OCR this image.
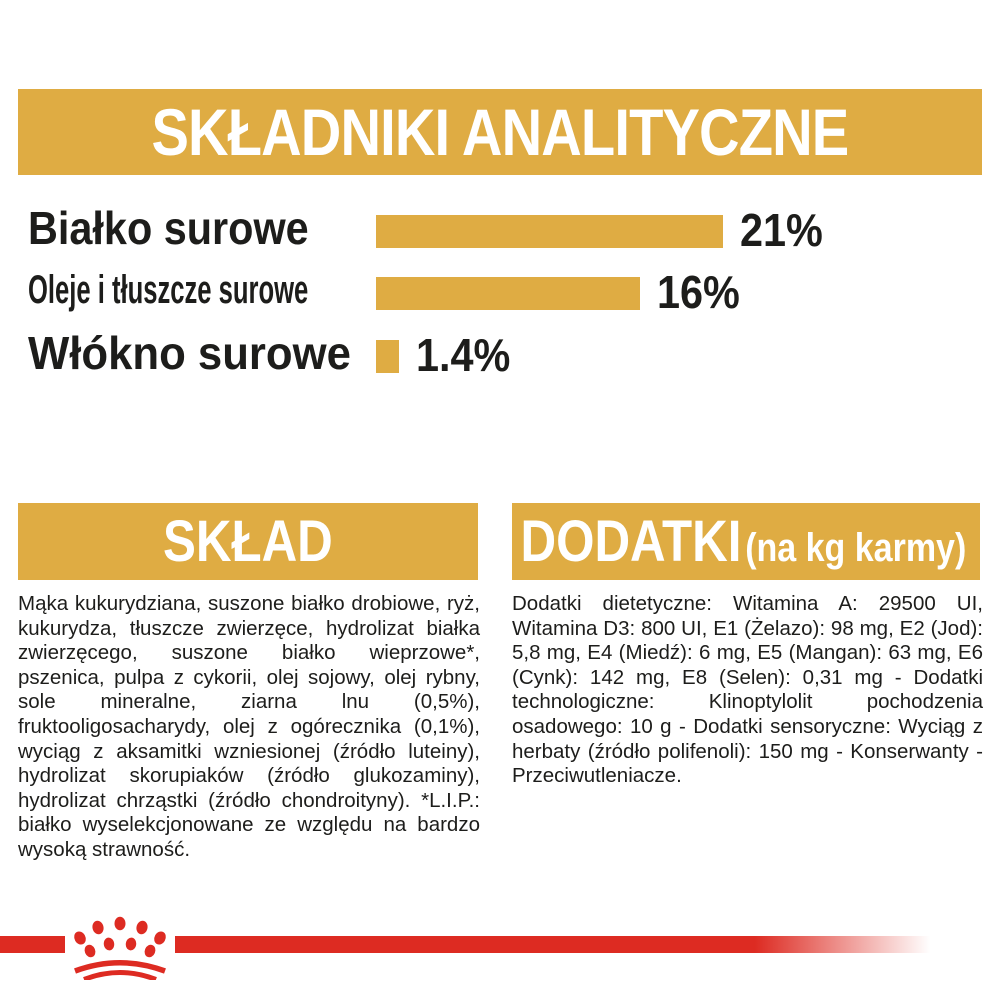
SKŁADNIKI ANALITYCZNE
Białko surowe	21%
Oleje i tłuszcze surowe	16%
Włókno surowe 1.4%
SKŁAD	DODATKI (na kg karmy)
Mąka kukurydziana, suszone białko drobiowe, ryż, kukurydza, tłuszcze zwierzęce, hydrolizat białka zwierzęcego, suszone białko wieprzowe*, pszenica, pulpa z cykorii, olej sojowy, olej rybny, sole mineralne, ziarna lnu (0,5%), fruktooligosacharydy, olej z ogórecznika (0,1%), wyciąg z aksamitki wzniesionej (źródło luteiny), hydrolizat skorupiaków (źródło glukozaminy), hydrolizat chrząstki (źródło chondroityny). *L.I.P.: białko wyselekcjonowane ze względu na bardzo wysoką strawność.
Dodatki dietetyczne: Witamina A: 29500 UI, Witamina D3: 800 UI, E1 (Żelazo): 98 mg, E2 (Jod): 5,8 mg, E4 (Miedź): 6 mg, E5 (Mangan): 63 mg, E6 (Cynk): 142 mg, E8 (Selen): 0,31 mg - Dodatki technologiczne: Klinoptylolit pochodzenia osadowego: 10 g - Dodatki sensoryczne: Wyciąg z herbaty (źródło polifenoli): 150 mg - Konserwanty - Przeciwutleniacze.
